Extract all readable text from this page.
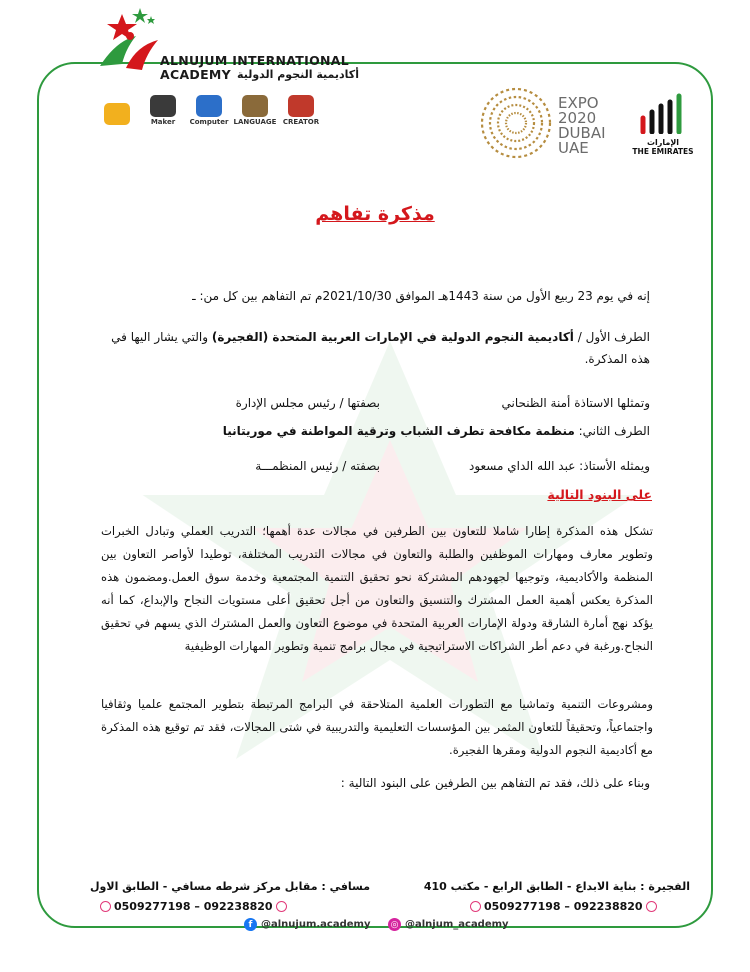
ALNUJUM INTERNATIONAL
ACADEMY أكاديمية النجوم الدولية
Maker Computer LANGUAGE CREATOR
EXPO
2020
DUBAI
UAE	الإمارات
THE EMIRATES
مذكرة تفاهم
إنه في يوم 23 ربيع الأول من سنة 1443هـ الموافق 2021/10/30م تم التفاهم بين كل من: ـ
الطرف الأول / أكاديمية النجوم الدولية في الإمارات العربية المتحدة (الفجيرة) والتي يشار اليها في هذه المذكرة.
وتمثلها الاستاذة أمنة الظنحاني
بصفتها / رئيس مجلس الإدارة
الطرف الثاني: منظمة مكافحة تطرف الشباب وترقية المواطنة في موريتانيا
ويمثله الأستاذ: عبد الله الداي مسعود
بصفته / رئيس المنظمـــة
على البنود التالية
تشكل هذه المذكرة إطارا شاملا للتعاون بين الطرفين في مجالات عدة أهمها؛ التدريب العملي وتبادل الخبرات وتطوير معارف ومهارات الموظفين والطلبة والتعاون في مجالات التدريب المختلفة، توطيدا لأواصر التعاون بين المنظمة والأكاديمية، وتوجيها لجهودهم المشتركة نحو تحقيق التنمية المجتمعية وخدمة سوق العمل.ومضمون هذه المذكرة يعكس أهمية العمل المشترك والتنسيق والتعاون من أجل تحقيق أعلى مستويات النجاح والإبداع، كما أنه يؤكد نهج أمارة الشارقة ودولة الإمارات العربية المتحدة في موضوع التعاون والعمل المشترك الذي يسهم في تحقيق النجاح.ورغبة في دعم أطر الشراكات الاستراتيجية في مجال برامج تنمية وتطوير المهارات الوظيفية
ومشروعات التنمية وتماشيا مع التطورات العلمية المتلاحقة في البرامج المرتبطة بتطوير المجتمع علميا وثقافيا واجتماعياً، وتحقيقاً للتعاون المثمر بين المؤسسات التعليمية والتدريبية في شتى المجالات، فقد تم توقيع هذه المذكرة مع أكاديمية النجوم الدولية ومقرها الفجيرة.
وبناء على ذلك، فقد تم التفاهم بين الطرفين على البنود التالية :
الفجيرة : بناية الابداع - الطابق الرابع - مكتب 410
مسافي : مقابل مركز شرطه مسافي - الطابق الاول
0509277198 – 092238820
0509277198 – 092238820
f @alnujum.academy ◎ @alnjum_academy
